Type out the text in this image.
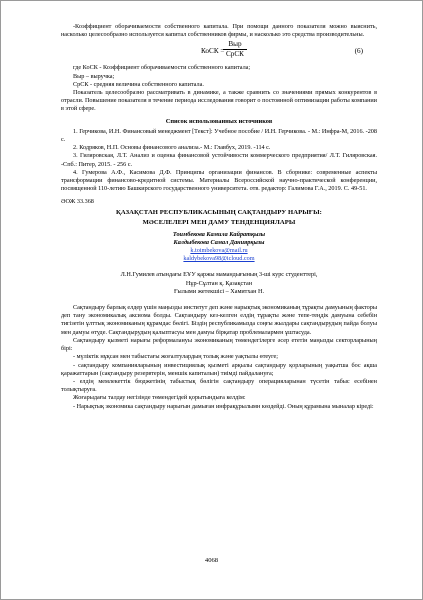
-Коэффициент оборачиваемости собственного капитала. При помощи данного показателя можно выяснить, насколько целесообразно используется капитал собственников фирмы, и насколько это средства производительны.

КоСК =
Выр
СрСК	(6)

где КоСК - Коэффициент оборачиваемости собственного капитала;

Выр – выручка;

СрСК - средняя величина собственного капитала.

Показатель целесообразно рассматривать в динамике, а также сравнить со значениями прямых конкурентов в отрасли. Повышение показателя в течение периода исследования говорит о постоянной оптимизации работы компании в этой сфере.

Список использованных источников

1. Герчикова, И.Н. Финансовый менеджмент [Текст]: Учебное пособие / И.Н. Герчикова. - М.: Инфра-М, 2016. -208 с.

2. Кодряков, Н.П. Основы финансового анализа.- М.: Главбух, 2019. -114 с.

3. Гиляровская, Л.Т. Анализ и оценка финансовой устойчивости коммерческого предприятия/ Л.Т. Гиляровская. -Спб.: Питер, 2015. - 256 с.

4. Гумерова А.Ф., Касимова Д.Ф. Принципы организации финансов. В сборнике: современные аспекты трансформации финансово-кредитной системы. Материалы Всероссийской научно-практической конференции, посвященной 110-летию Башкирского государственного университета. отв. редактор: Галимова Г.А., 2019. С. 49-51.

ӘОЖ 33.368

ҚАЗАҚСТАН РЕСПУБЛИКАСЫНЫҢ САҚТАНДЫРУ НАРЫҒЫ:
МӘСЕЛЕЛЕРІ МЕН ДАМУ ТЕНДЕНЦИЯЛАРЫ
Тоимбекова Камила Кайратқызы
Калдыбекова Самал Даниярқызы
k.toimbekova@mail.ru
kaldybekova98@icloud.com
Л.Н.Гумилев атындағы ЕҰУ қаржы мамандығының 3-ші курс студенттері,
Нұр-Сұлтан қ. Қазақстан
Ғылыми жетекшісі – Хамитхан Н.

Сақтандыру барлық елдер үшін маңызды институт деп және нарықтық экономиканың тұрақты дамуының факторы деп тану экономикалық аксиома болды. Сақтандыру кез-келген елдің тұрақты және тепе-теңдік дамуына себебін тигізетін ұлттық экономиканың құрамдас бөлігі. Біздің республикамызда соңғы жылдары сақтандырудың пайда болуы мен дамуы өтуде. Сақтандырудың қалыптасуы мен дамуы бірқатар проблемалармен ұштасуда.

Сақтандыру қызметі нарығы реформалануы экономиканың төмендегілерге әсер ететін маңызды секторларының бірі:

- мүліктік нұқсан мен табыстағы жоғалтулардың толық және уақтылы өтеуге;

- сақтандыру компанияларының инвестициялық қызметі арқылы сақтандыру қорларының уақытша бос ақша қаражаттарын (сақтандыру резервтерін, меншік капиталын) тиімді пайдалануға;

- елдің мемлекеттік бюджетінің табыстық бөлігін сақтандыру операцияларынан түсетін табыс есебінен толықтыруға.

Жоғарыдағы талдау негізінде төмендегідей қорытындыға келдім:

- Нарықтық экономика сақтандыру нарығын дамыған инфрақұрылымн көздейді. Оның құрамына мыналар кіреді:

4068
